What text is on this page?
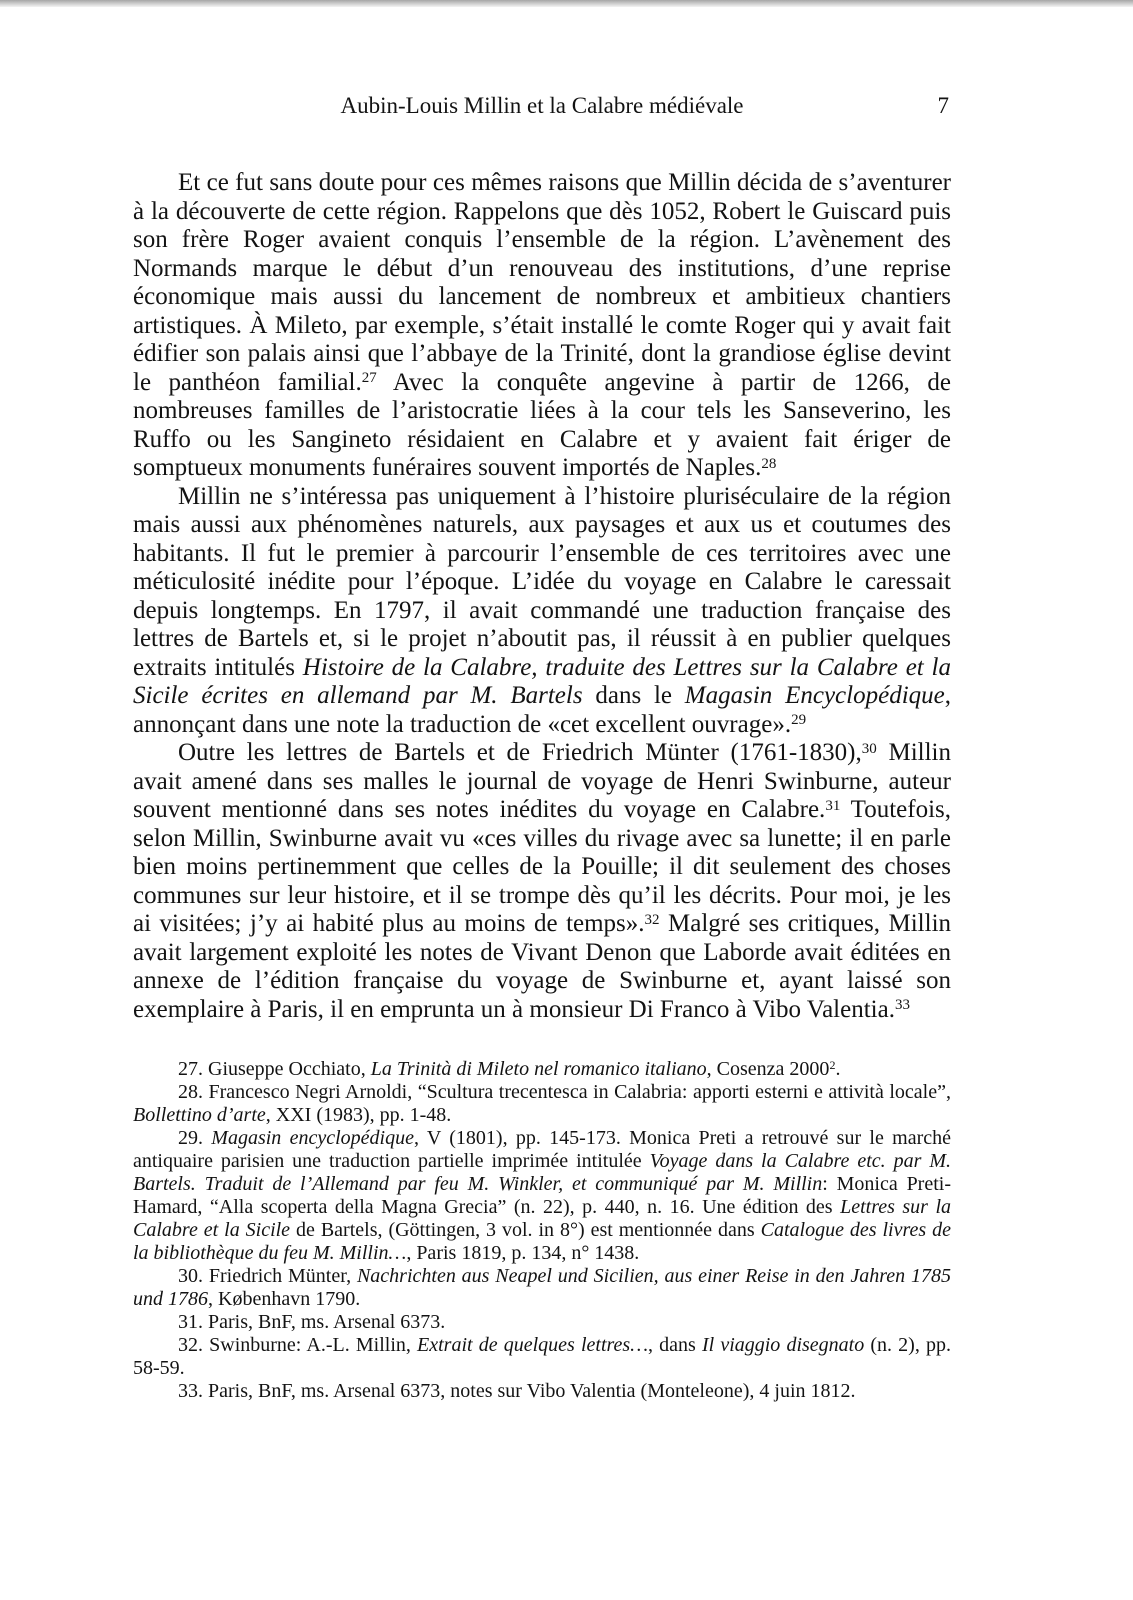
Aubin-Louis Millin et la Calabre médiévale	7

Et ce fut sans doute pour ces mêmes raisons que Millin décida de s’aventurer à la découverte de cette région. Rappelons que dès 1052, Robert le Guiscard puis son frère Roger avaient conquis l’ensemble de la région. L’avènement des Normands marque le début d’un renouveau des institutions, d’une reprise économique mais aussi du lancement de nombreux et ambitieux chantiers artistiques. À Mileto, par exemple, s’était installé le comte Roger qui y avait fait édifier son palais ainsi que l’abbaye de la Trinité, dont la grandiose église devint le panthéon familial.$^{27}$ Avec la conquête angevine à partir de 1266, de nombreuses familles de l’aristocratie liées à la cour tels les Sanseverino, les Ruffo ou les Sangineto résidaient en Calabre et y avaient fait ériger de somptueux monuments funéraires souvent importés de Naples.$^{28}$

Millin ne s’intéressa pas uniquement à l’histoire pluriséculaire de la région mais aussi aux phénomènes naturels, aux paysages et aux us et coutumes des habitants. Il fut le premier à parcourir l’ensemble de ces territoires avec une méticulosité inédite pour l’époque. L’idée du voyage en Calabre le caressait depuis longtemps. En 1797, il avait commandé une traduction française des lettres de Bartels et, si le projet n’aboutit pas, il réussit à en publier quelques extraits intitulés Histoire de la Calabre, traduite des Lettres sur la Calabre et la Sicile écrites en allemand par M. Bartels dans le Magasin Encyclopédique, annonçant dans une note la traduction de «cet excellent ouvrage».$^{29}$

Outre les lettres de Bartels et de Friedrich Münter (1761-1830),$^{30}$ Millin avait amené dans ses malles le journal de voyage de Henri Swinburne, auteur souvent mentionné dans ses notes inédites du voyage en Calabre.$^{31}$ Toutefois, selon Millin, Swinburne avait vu «ces villes du rivage avec sa lunette; il en parle bien moins pertinemment que celles de la Pouille; il dit seulement des choses communes sur leur histoire, et il se trompe dès qu’il les décrits. Pour moi, je les ai visitées; j’y ai habité plus au moins de temps».$^{32}$ Malgré ses critiques, Millin avait largement exploité les notes de Vivant Denon que Laborde avait éditées en annexe de l’édition française du voyage de Swinburne et, ayant laissé son exemplaire à Paris, il en emprunta un à monsieur Di Franco à Vibo Valentia.$^{33}$

27. Giuseppe Occhiato, La Trinità di Mileto nel romanico italiano, Cosenza 2000$^2$.

28. Francesco Negri Arnoldi, “Scultura trecentesca in Calabria: apporti esterni e attività locale”, Bollettino d’arte, XXI (1983), pp. 1-48.

29. Magasin encyclopédique, V (1801), pp. 145-173. Monica Preti a retrouvé sur le marché antiquaire parisien une traduction partielle imprimée intitulée Voyage dans la Calabre etc. par M. Bartels. Traduit de l’Allemand par feu M. Winkler, et communiqué par M. Millin: Monica Preti-Hamard, “Alla scoperta della Magna Grecia” (n. 22), p. 440, n. 16. Une édition des Lettres sur la Calabre et la Sicile de Bartels, (Göttingen, 3 vol. in 8°) est mentionnée dans Catalogue des livres de la bibliothèque du feu M. Millin…, Paris 1819, p. 134, n° 1438.

30. Friedrich Münter, Nachrichten aus Neapel und Sicilien, aus einer Reise in den Jahren 1785 und 1786, København 1790.

31. Paris, BnF, ms. Arsenal 6373.

32. Swinburne: A.-L. Millin, Extrait de quelques lettres…, dans Il viaggio disegnato (n. 2), pp. 58-59.

33. Paris, BnF, ms. Arsenal 6373, notes sur Vibo Valentia (Monteleone), 4 juin 1812.
